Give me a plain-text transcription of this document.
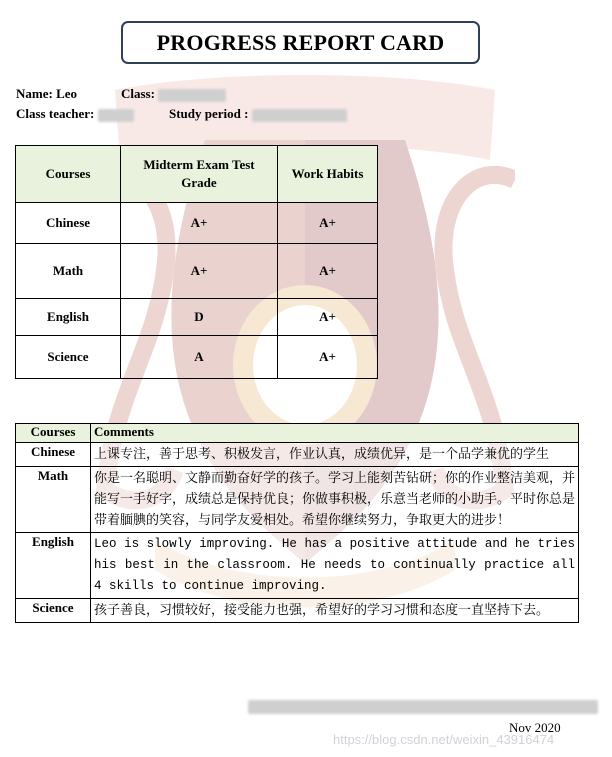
PROGRESS REPORT CARD
Name: Leo	Class:
Class teacher:	Study period :
Courses	Midterm Exam Test Grade	Work Habits
Chinese	A+	A+
Math	A+	A+
English	D	A+
Science	A	A+
Courses	Comments
Chinese	上课专注，善于思考、积极发言，作业认真，成绩优异，是一个品学兼优的学生
Math	你是一名聪明、文静而勤奋好学的孩子。学习上能刻苦钻研；你的作业整洁美观，并能写一手好字，成绩总是保持优良；你做事积极，乐意当老师的小助手。平时你总是带着腼腆的笑容，与同学友爱相处。希望你继续努力，争取更大的进步！
English	Leo is slowly improving. He has a positive attitude and he tries his best in the classroom. He needs to continually practice all 4 skills to continue improving.
Science	孩子善良，习惯较好，接受能力也强，希望好的学习习惯和态度一直坚持下去。
Nov 2020
https://blog.csdn.net/weixin_43916474
